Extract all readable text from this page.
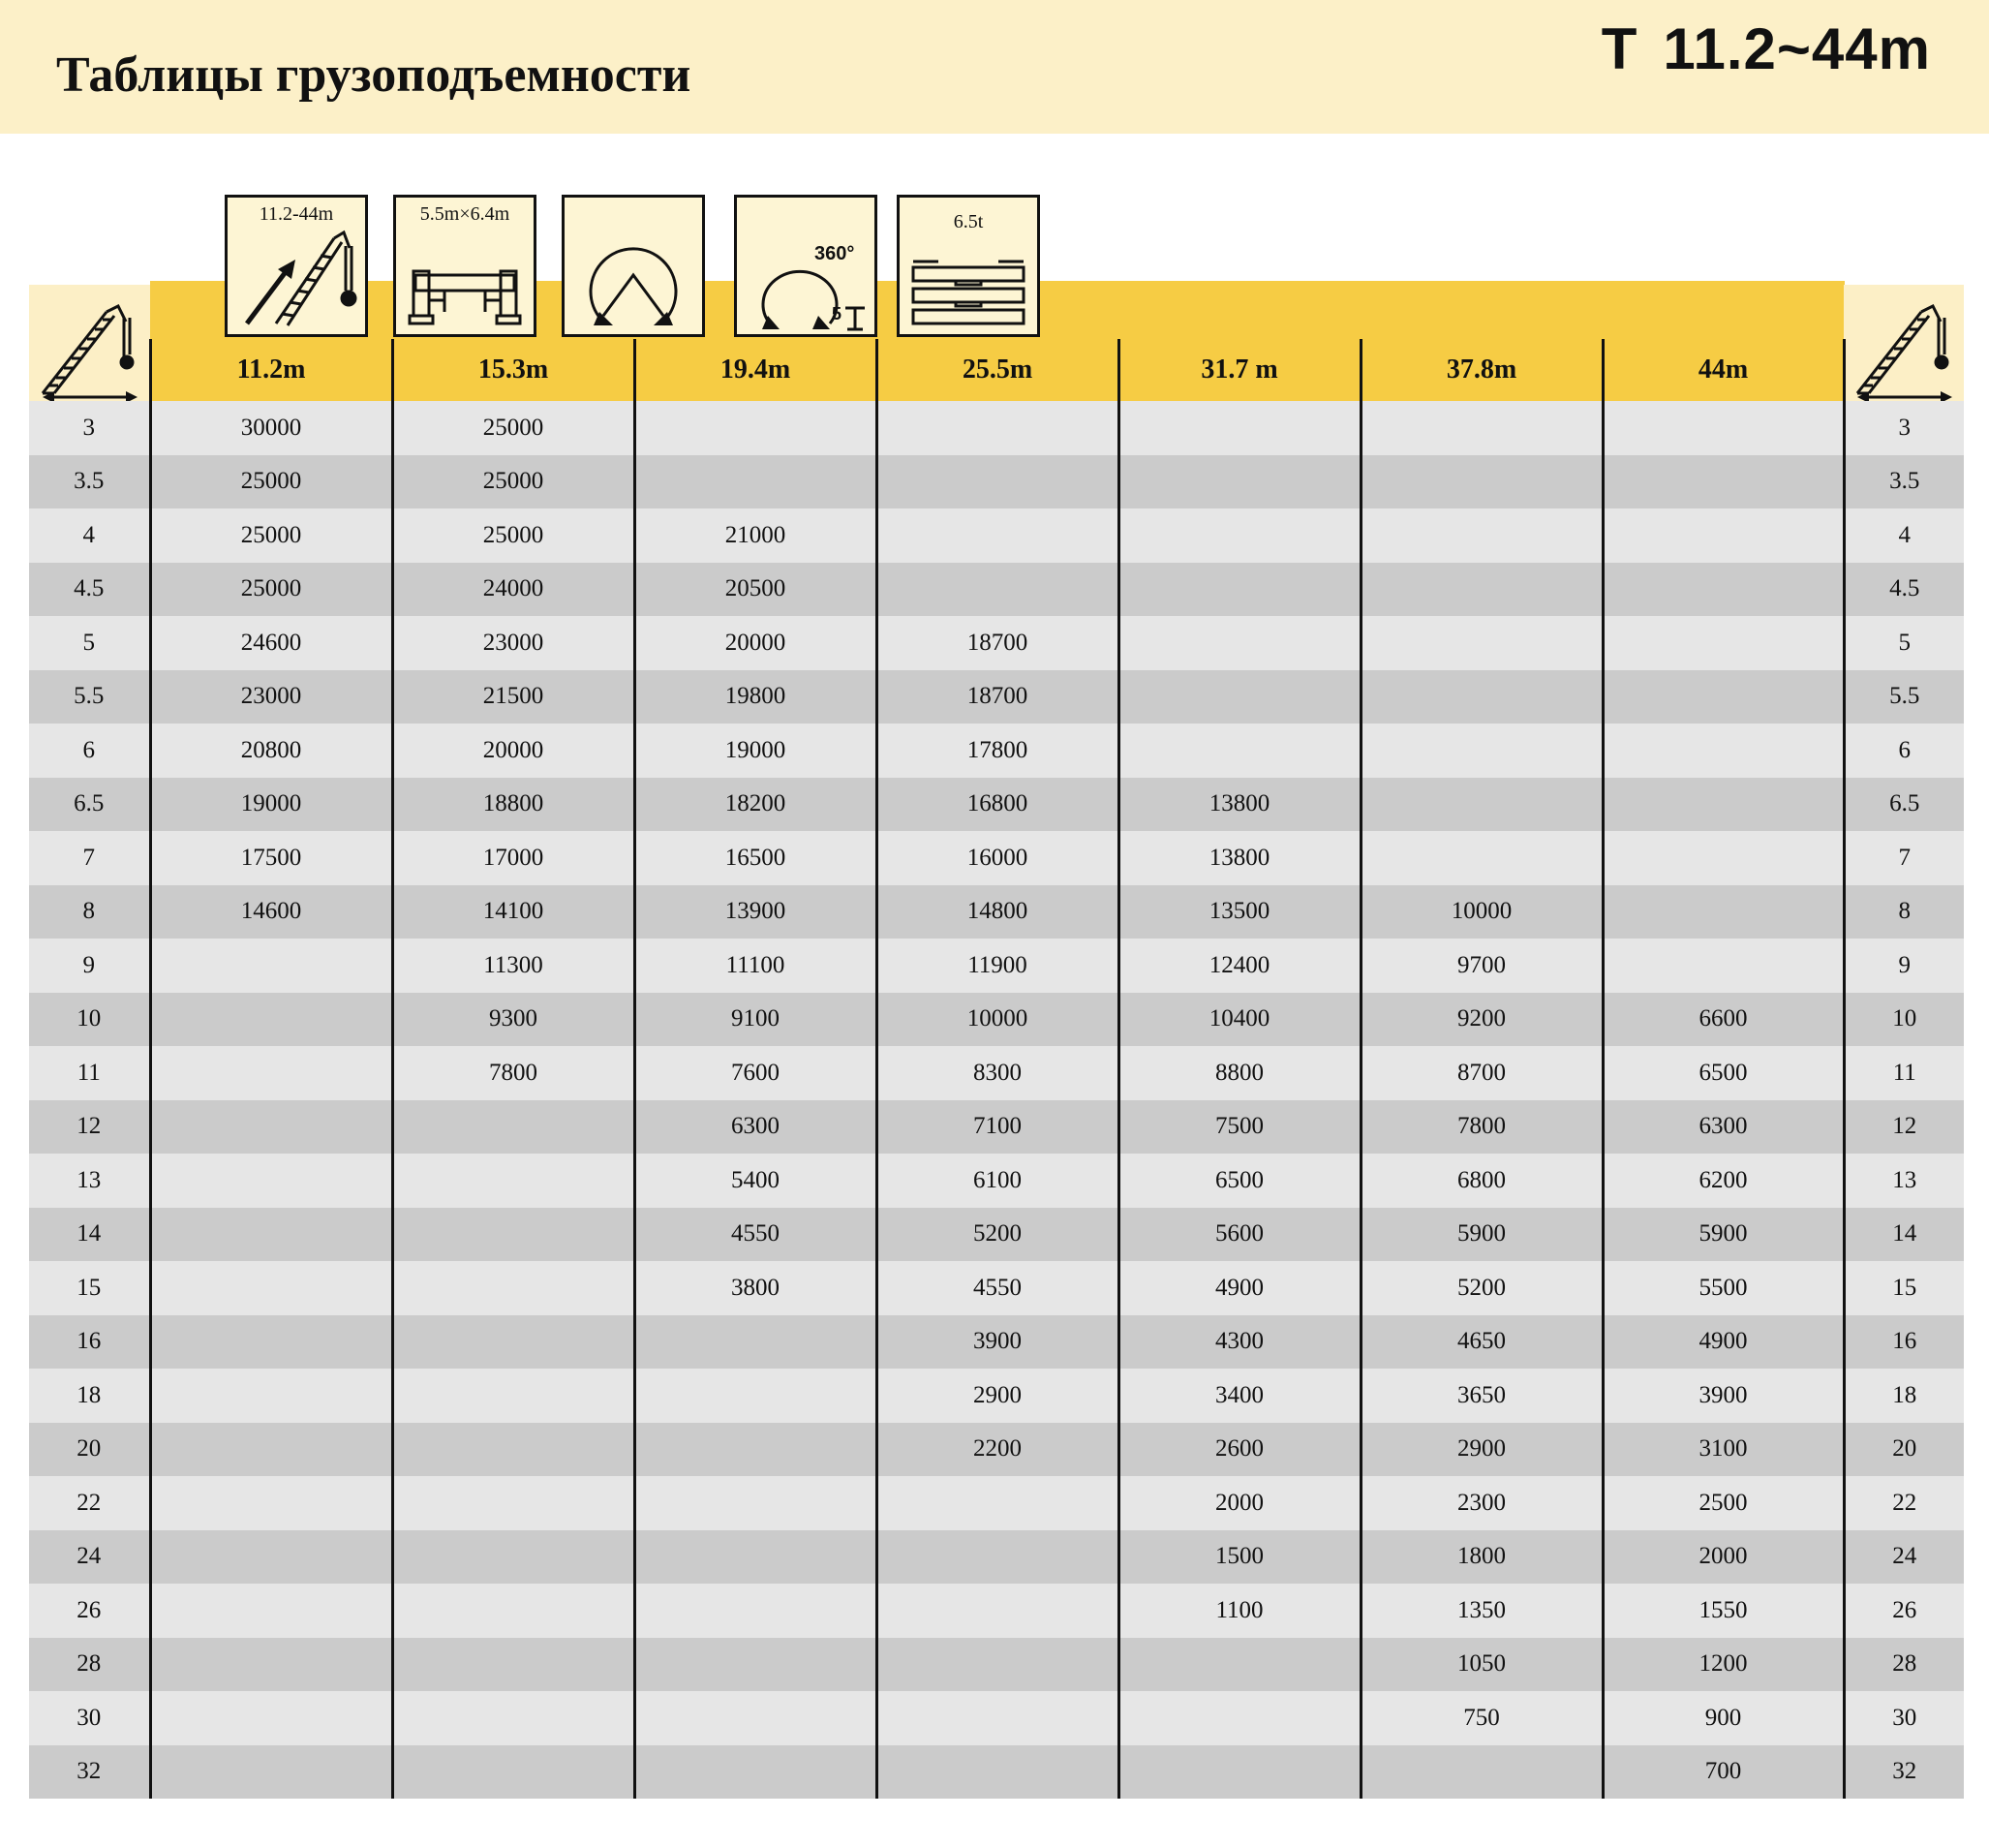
Таблицы грузоподъемности	T 11.2~44m
11.2-44m	5.5m×6.4m
360°
5
6.5t
	11.2m	15.3m	19.4m	25.5m	31.7 m	37.8m	44m	
3	30000	25000						3
3.5	25000	25000						3.5
4	25000	25000	21000					4
4.5	25000	24000	20500					4.5
5	24600	23000	20000	18700				5
5.5	23000	21500	19800	18700				5.5
6	20800	20000	19000	17800				6
6.5	19000	18800	18200	16800	13800			6.5
7	17500	17000	16500	16000	13800			7
8	14600	14100	13900	14800	13500	10000		8
9		11300	11100	11900	12400	9700		9
10		9300	9100	10000	10400	9200	6600	10
11		7800	7600	8300	8800	8700	6500	11
12			6300	7100	7500	7800	6300	12
13			5400	6100	6500	6800	6200	13
14			4550	5200	5600	5900	5900	14
15			3800	4550	4900	5200	5500	15
16				3900	4300	4650	4900	16
18				2900	3400	3650	3900	18
20				2200	2600	2900	3100	20
22					2000	2300	2500	22
24					1500	1800	2000	24
26					1100	1350	1550	26
28						1050	1200	28
30						750	900	30
32							700	32
